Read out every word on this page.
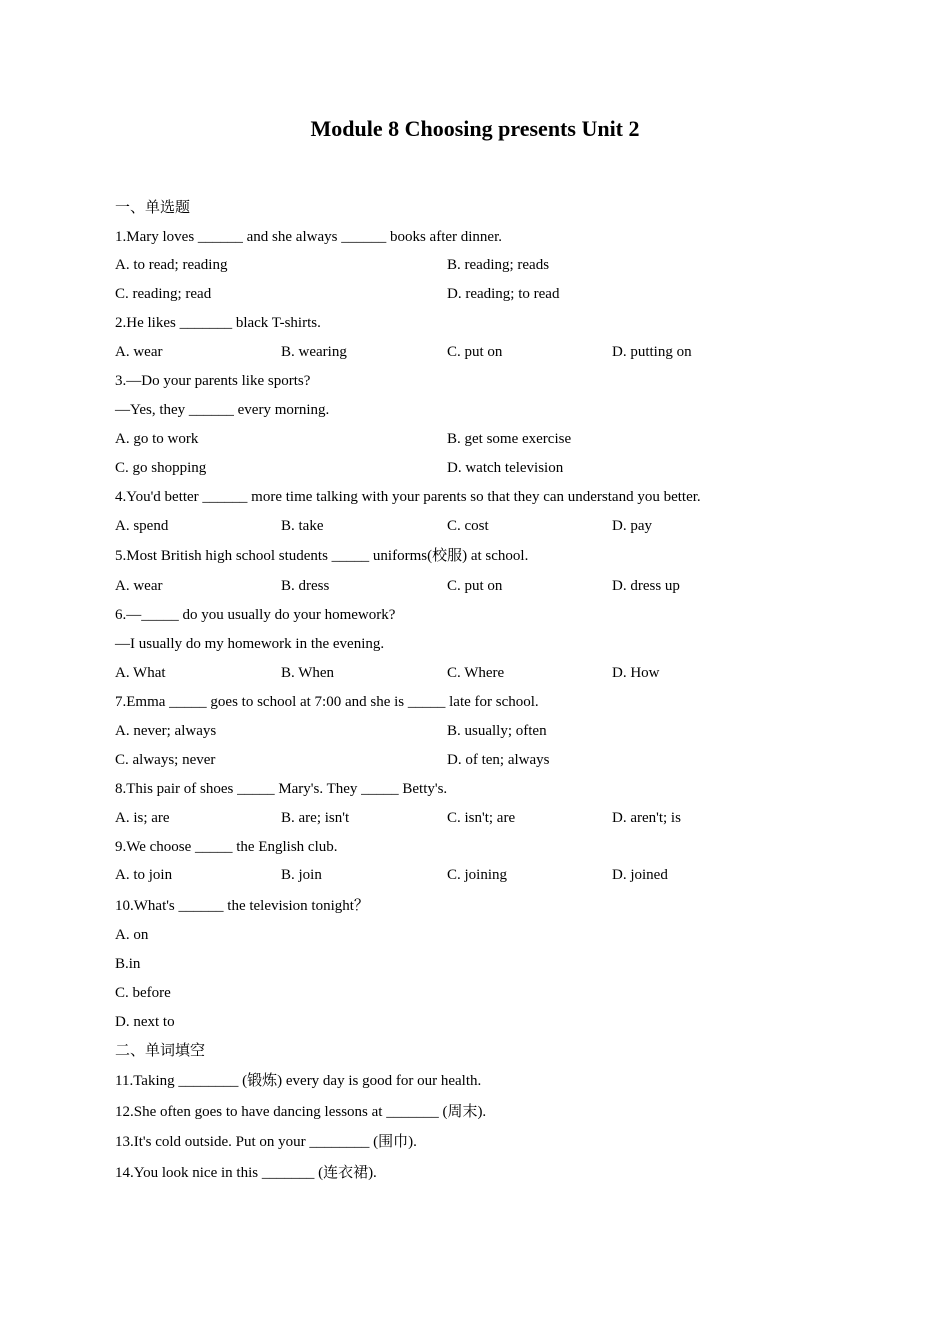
Module 8 Choosing presents Unit 2
一、单选题
1.Mary loves ______ and she always ______ books after dinner.
A. to read; reading	B. reading; reads
C. reading; read	D. reading; to read
2.He likes _______ black T-shirts.
A. wear	B. wearing	C. put on	D. putting on
3.—Do your parents like sports?
—Yes, they ______ every morning.
A. go to work	B. get some exercise
C. go shopping	D. watch television
4.You'd better ______ more time talking with your parents so that they can understand you better.
A. spend	B. take	C. cost	D. pay
5.Most British high school students _____ uniforms(校服) at school.
A. wear	B. dress	C. put on	D. dress up
6.—_____ do you usually do your homework?
—I usually do my homework in the evening.
A. What	B. When	C. Where	D. How
7.Emma _____ goes to school at 7:00 and she is _____ late for school.
A. never; always	B. usually; often
C. always; never	D. of ten; always
8.This pair of shoes _____ Mary's. They _____ Betty's.
A. is; are	B. are; isn't	C. isn't; are	D. aren't; is
9.We choose _____ the English club.
A. to join	B. join	C. joining	D. joined
10.What's ______ the television tonight？
A. on
B.in
C. before
D. next to
二、单词填空
11.Taking ________ (锻炼) every day is good for our health.
12.She often goes to have dancing lessons at _______ (周末).
13.It's cold outside. Put on your ________ (围巾).
14.You look nice in this _______ (连衣裙).
